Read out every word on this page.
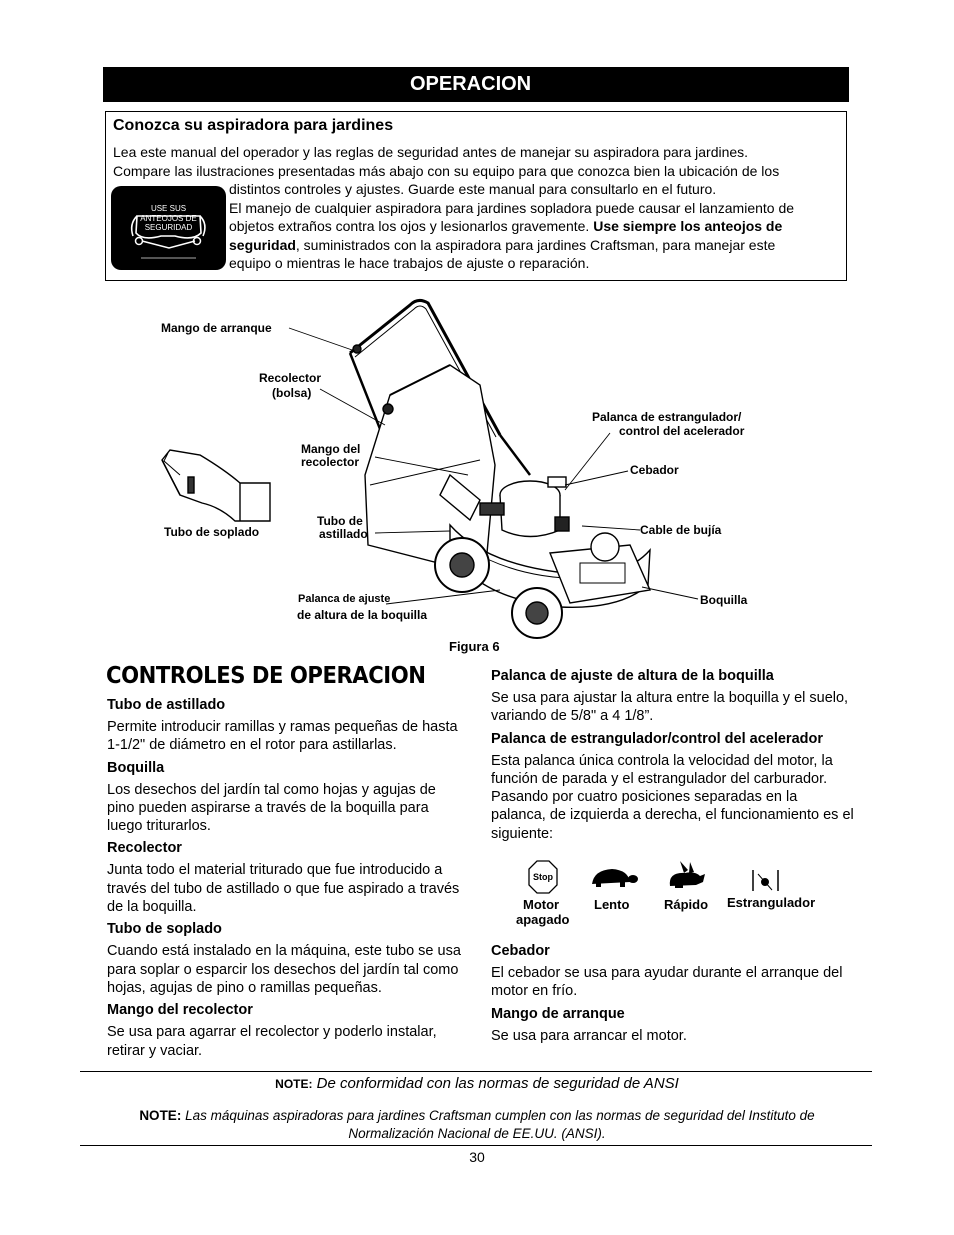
OPERACION
Conozca su aspiradora para jardines
Lea este manual del operador y las reglas de seguridad antes de manejar su aspiradora para jardines.
Compare las ilustraciones presentadas más abajo con su equipo para que conozca bien la ubicación de los
distintos controles y ajustes. Guarde este manual para consultarlo en el futuro.
El manejo de cualquier aspiradora para jardines sopladora puede causar el lanzamiento de
objetos extraños contra los ojos y lesionarlos gravemente. Use siempre los anteojos de
seguridad, suministrados con la aspiradora para jardines Craftsman, para manejar este
equipo o mientras le hace trabajos de ajuste o reparación.
USE SUS
ANTEOJOS DE
SEGURIDAD
Mango de arranque
Recolector
(bolsa)
Mango del
recolector
Tubo de soplado
Tubo de
astillado
Palanca de estrangulador/
control del acelerador
Cebador
Cable de bujía
Boquilla
Palanca de ajuste
de altura de la boquilla
Figura 6
CONTROLES DE OPERACION
Tubo de astillado

Permite introducir ramillas y ramas pequeñas de hasta 1-1/2" de diámetro en el rotor para astillarlas.

Boquilla

Los desechos del jardín tal como hojas y agujas de pino pueden aspirarse a través de la boquilla para luego triturarlos.

Recolector

Junta todo el material triturado que fue introducido a través del tubo de astillado o que fue aspirado a través de la boquilla.

Tubo de soplado

Cuando está instalado en la máquina, este tubo se usa para soplar o esparcir los desechos del jardín tal como hojas, agujas de pino o ramillas pequeñas.

Mango del recolector

Se usa para agarrar el recolector y poderlo instalar, retirar y vaciar.

Palanca de ajuste de altura de la boquilla

Se usa para ajustar la altura entre la boquilla y el suelo, variando de 5/8" a 4 1/8”.

Palanca de estrangulador/control del acelerador

Esta palanca única controla la velocidad del motor, la función de parada y el estrangulador del carburador. Pasando por cuatro posiciones separadas en la palanca, de izquierda a derecha, el funcionamiento es el siguiente:

Stop
Motor
apagado
Lento	Rápido Estrangulador
Cebador

El cebador se usa para ayudar durante el arranque del motor en frío.

Mango de arranque

Se usa para arrancar el motor.

NOTE: De conformidad con las normas de seguridad de ANSI
NOTE: Las máquinas aspiradoras para jardines Craftsman cumplen con las normas de seguridad del Instituto de Normalización Nacional de EE.UU. (ANSI).
30
